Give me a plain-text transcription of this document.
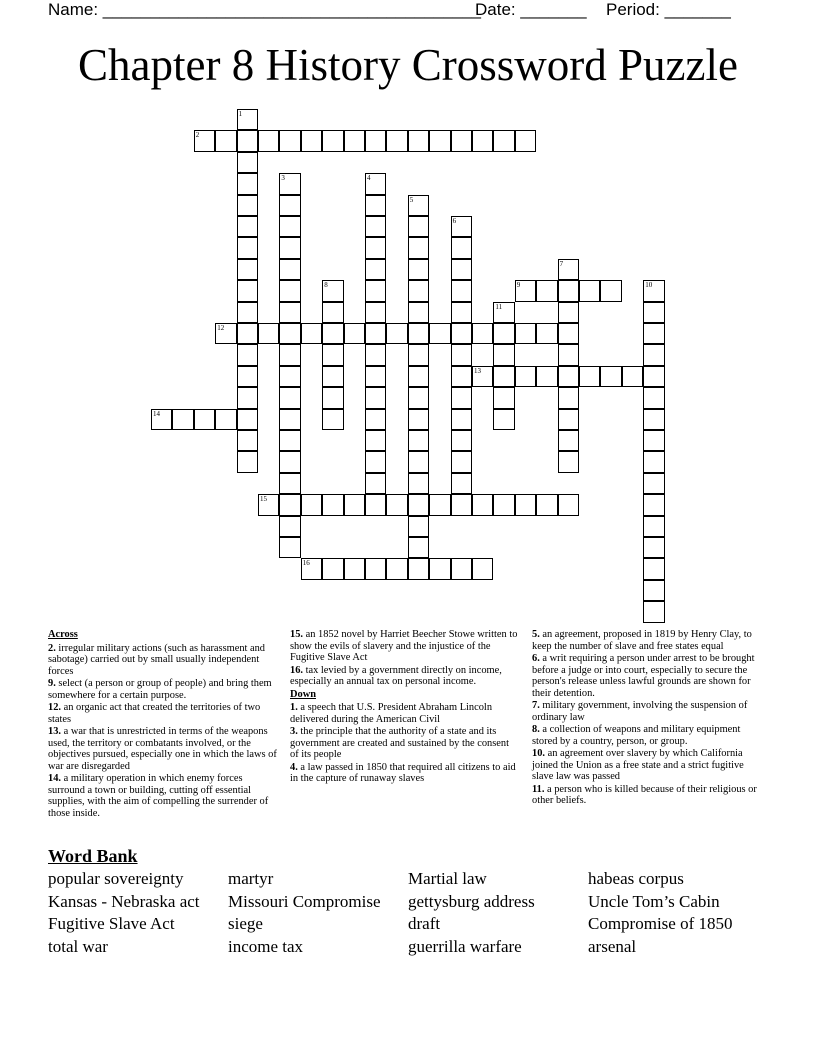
Name: ________________________________________
Date: _______ Period: _______
Chapter 8 History Crossword Puzzle
2
9
12
13
14
15
16
1
3	4
5
6
7
8	10
11

Across

2. irregular military actions (such as harassment and sabotage) carried out by small usually independent forces

9. select (a person or group of people) and bring them somewhere for a certain purpose.

12. an organic act that created the territories of two states

13. a war that is unrestricted in terms of the weapons used, the territory or combatants involved, or the objectives pursued, especially one in which the laws of war are disregarded

14. a military operation in which enemy forces surround a town or building, cutting off essential supplies, with the aim of compelling the surrender of those inside.

15. an 1852 novel by Harriet Beecher Stowe written to show the evils of slavery and the injustice of the Fugitive Slave Act

16. tax levied by a government directly on income, especially an annual tax on personal income.

Down

1. a speech that U.S. President Abraham Lincoln delivered during the American Civil

3. the principle that the authority of a state and its government are created and sustained by the consent of its people

4. a law passed in 1850 that required all citizens to aid in the capture of runaway slaves

5. an agreement, proposed in 1819 by Henry Clay, to keep the number of slave and free states equal

6. a writ requiring a person under arrest to be brought before a judge or into court, especially to secure the person's release unless lawful grounds are shown for their detention.

7. military government, involving the suspension of ordinary law

8. a collection of weapons and military equipment stored by a country, person, or group.

10. an agreement over slavery by which California joined the Union as a free state and a strict fugitive slave law was passed

11. a person who is killed because of their religious or other beliefs.

Word Bank
popular sovereignty
Kansas - Nebraska act
Fugitive Slave Act
total war
martyr
Missouri Compromise
siege
income tax
Martial law
gettysburg address
draft
guerrilla warfare
habeas corpus
Uncle Tom’s Cabin
Compromise of 1850
arsenal
